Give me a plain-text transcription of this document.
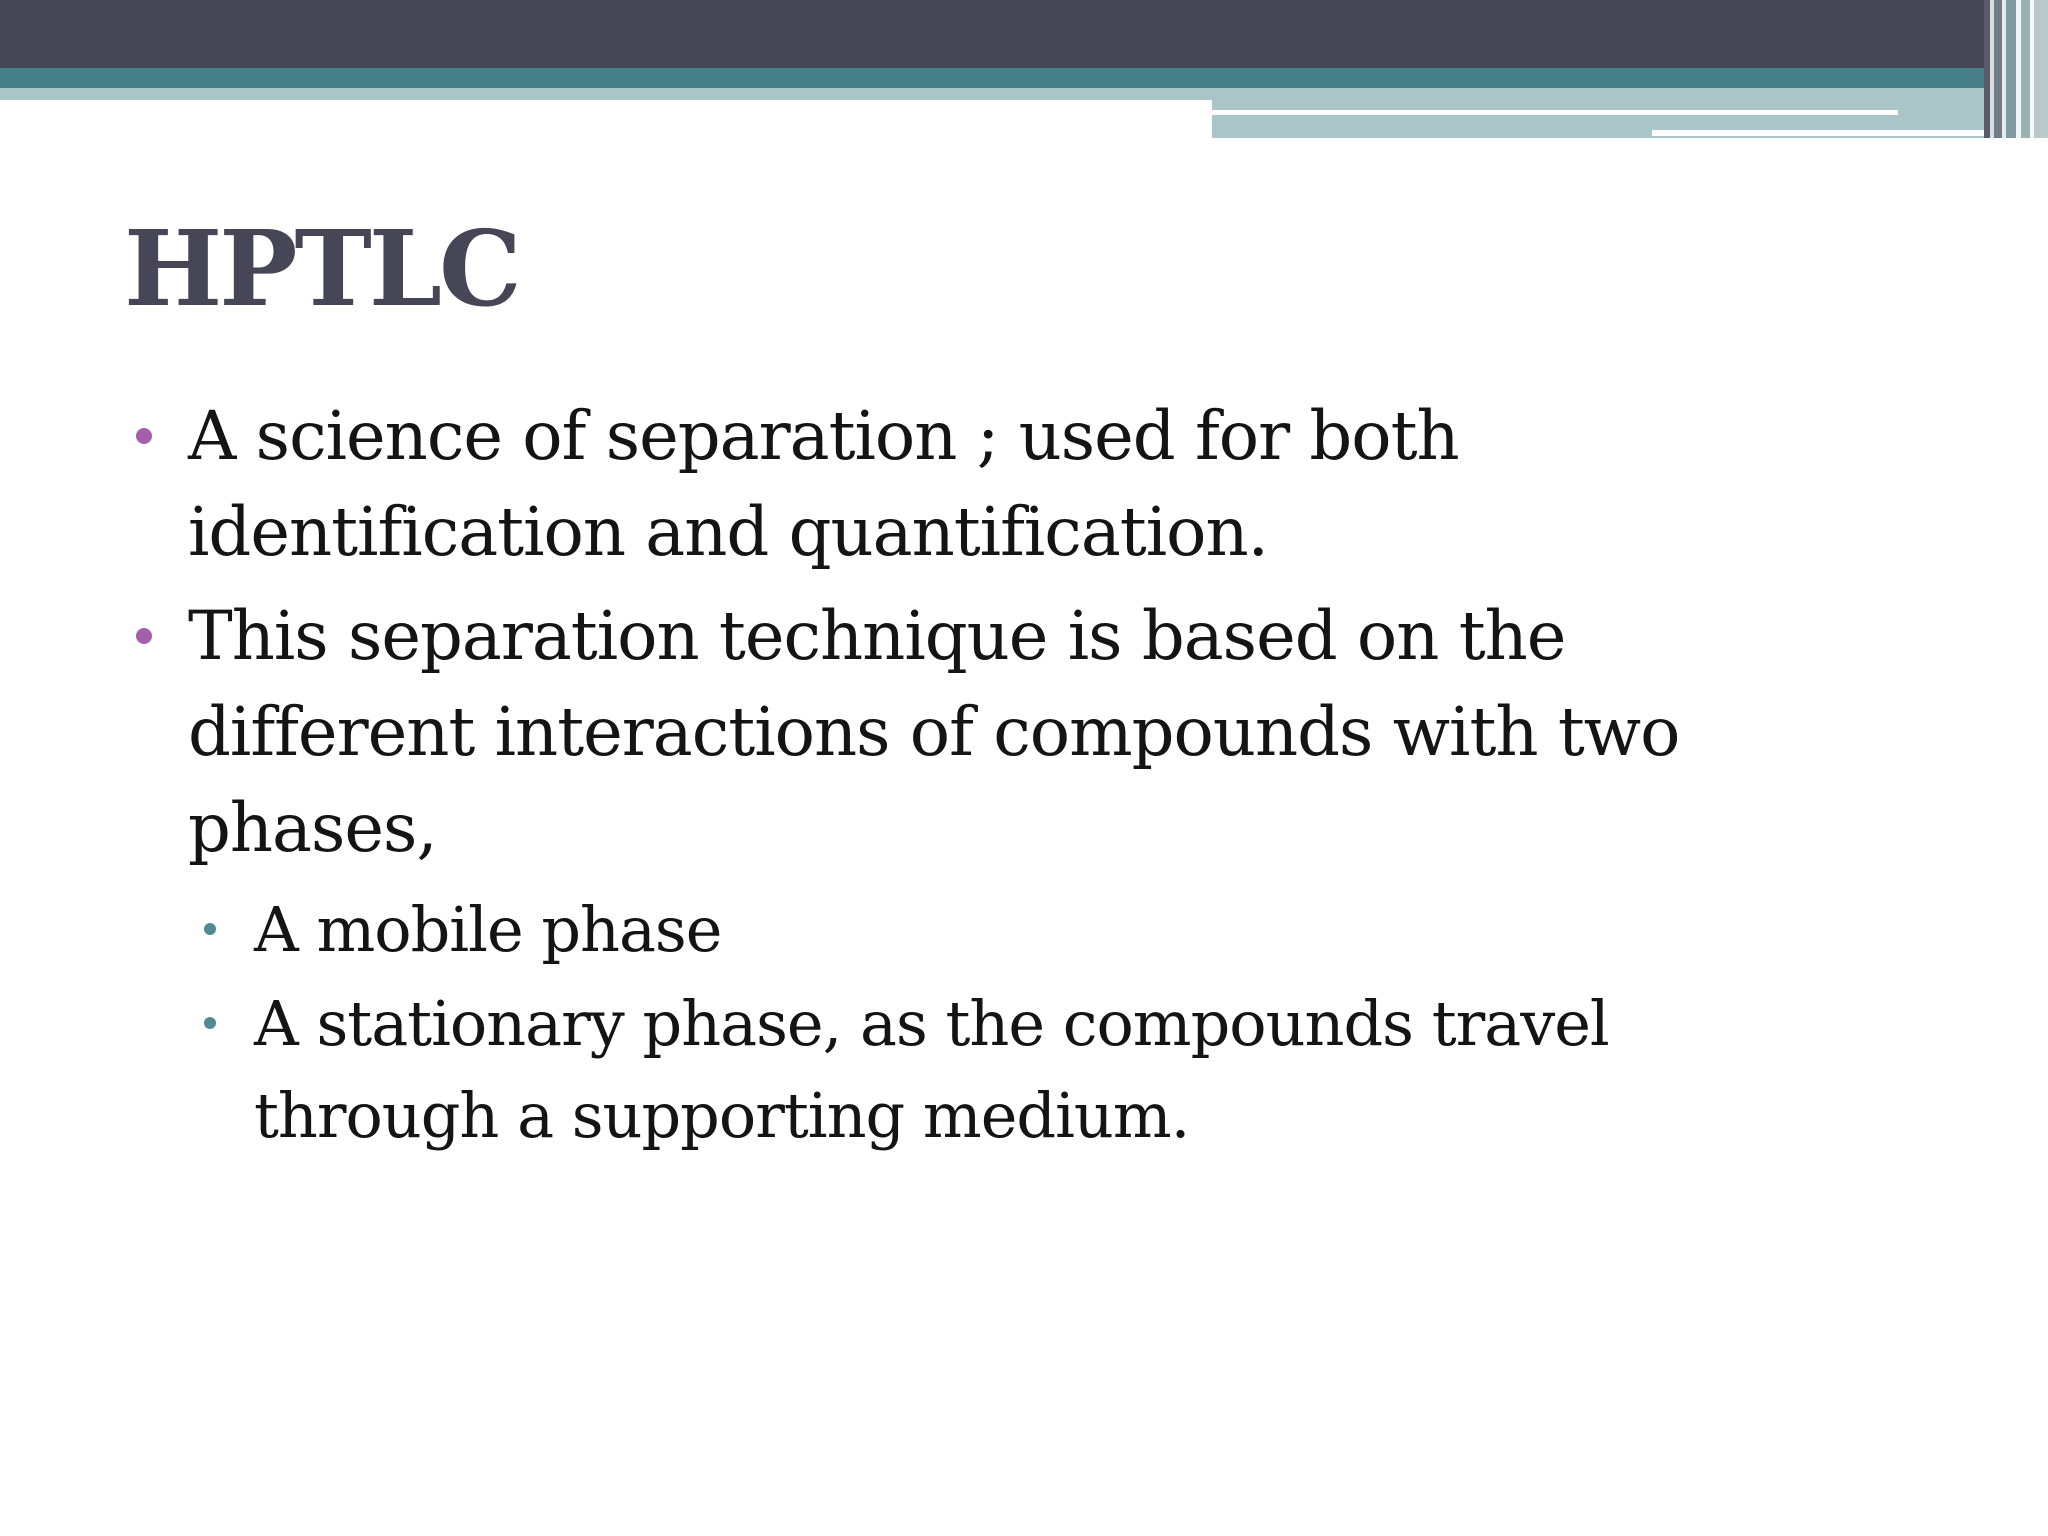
HPTLC
A science of separation ; used for both identification and quantification.
This separation technique is based on the different interactions of compounds with two phases,
A mobile phase
A stationary phase, as the compounds travel through a supporting medium.
